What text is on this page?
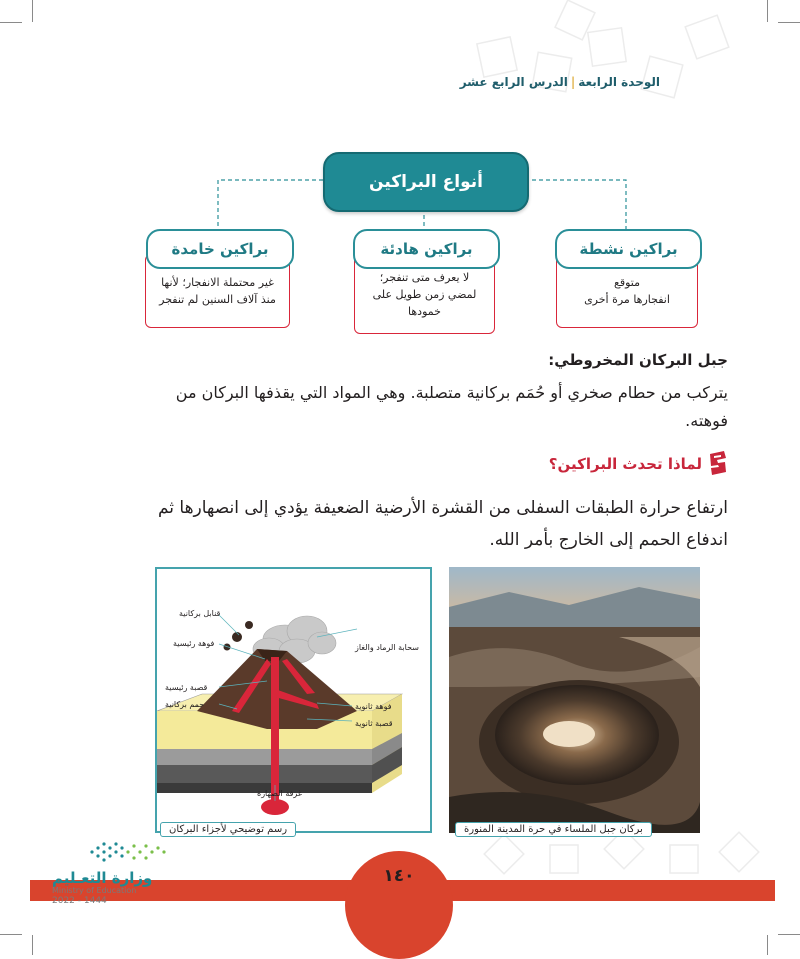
الوحدة الرابعة|الدرس الرابع عشر
أنواع البراكين
غير محتملة الانفجار؛ لأنها
منذ آلاف السنين لم تنفجر
براكين خامدة
لا يعرف متى تنفجر؛
لمضي زمن طويل على
خمودها
براكين هادئة
متوقع
انفجارها مرة أخرى
براكين نشطة
جبل البركان المخروطي:
يتركب من حطام صخري أو حُمَم بركانية متصلبة. وهي المواد التي يقذفها البركان من
فوهته.
لماذا تحدث البراكين؟
ارتفاع حرارة الطبقات السفلى من القشرة الأرضية الضعيفة يؤدي إلى انصهارها ثم
اندفاع الحمم إلى الخارج بأمر الله.
قنابل بركانية
فوهة رئيسية	سحابة الرماد والغاز
قصبة رئيسية
حمم بركانية	فوهة ثانوية
قصبة ثانوية
غرفة الصهارة
رسم توضيحي لأجزاء البركان	بركان جبل الملساء في حرة المدينة المنورة
١٤٠
وزارة التعـليم
Ministry of Education
2022 - 1444
